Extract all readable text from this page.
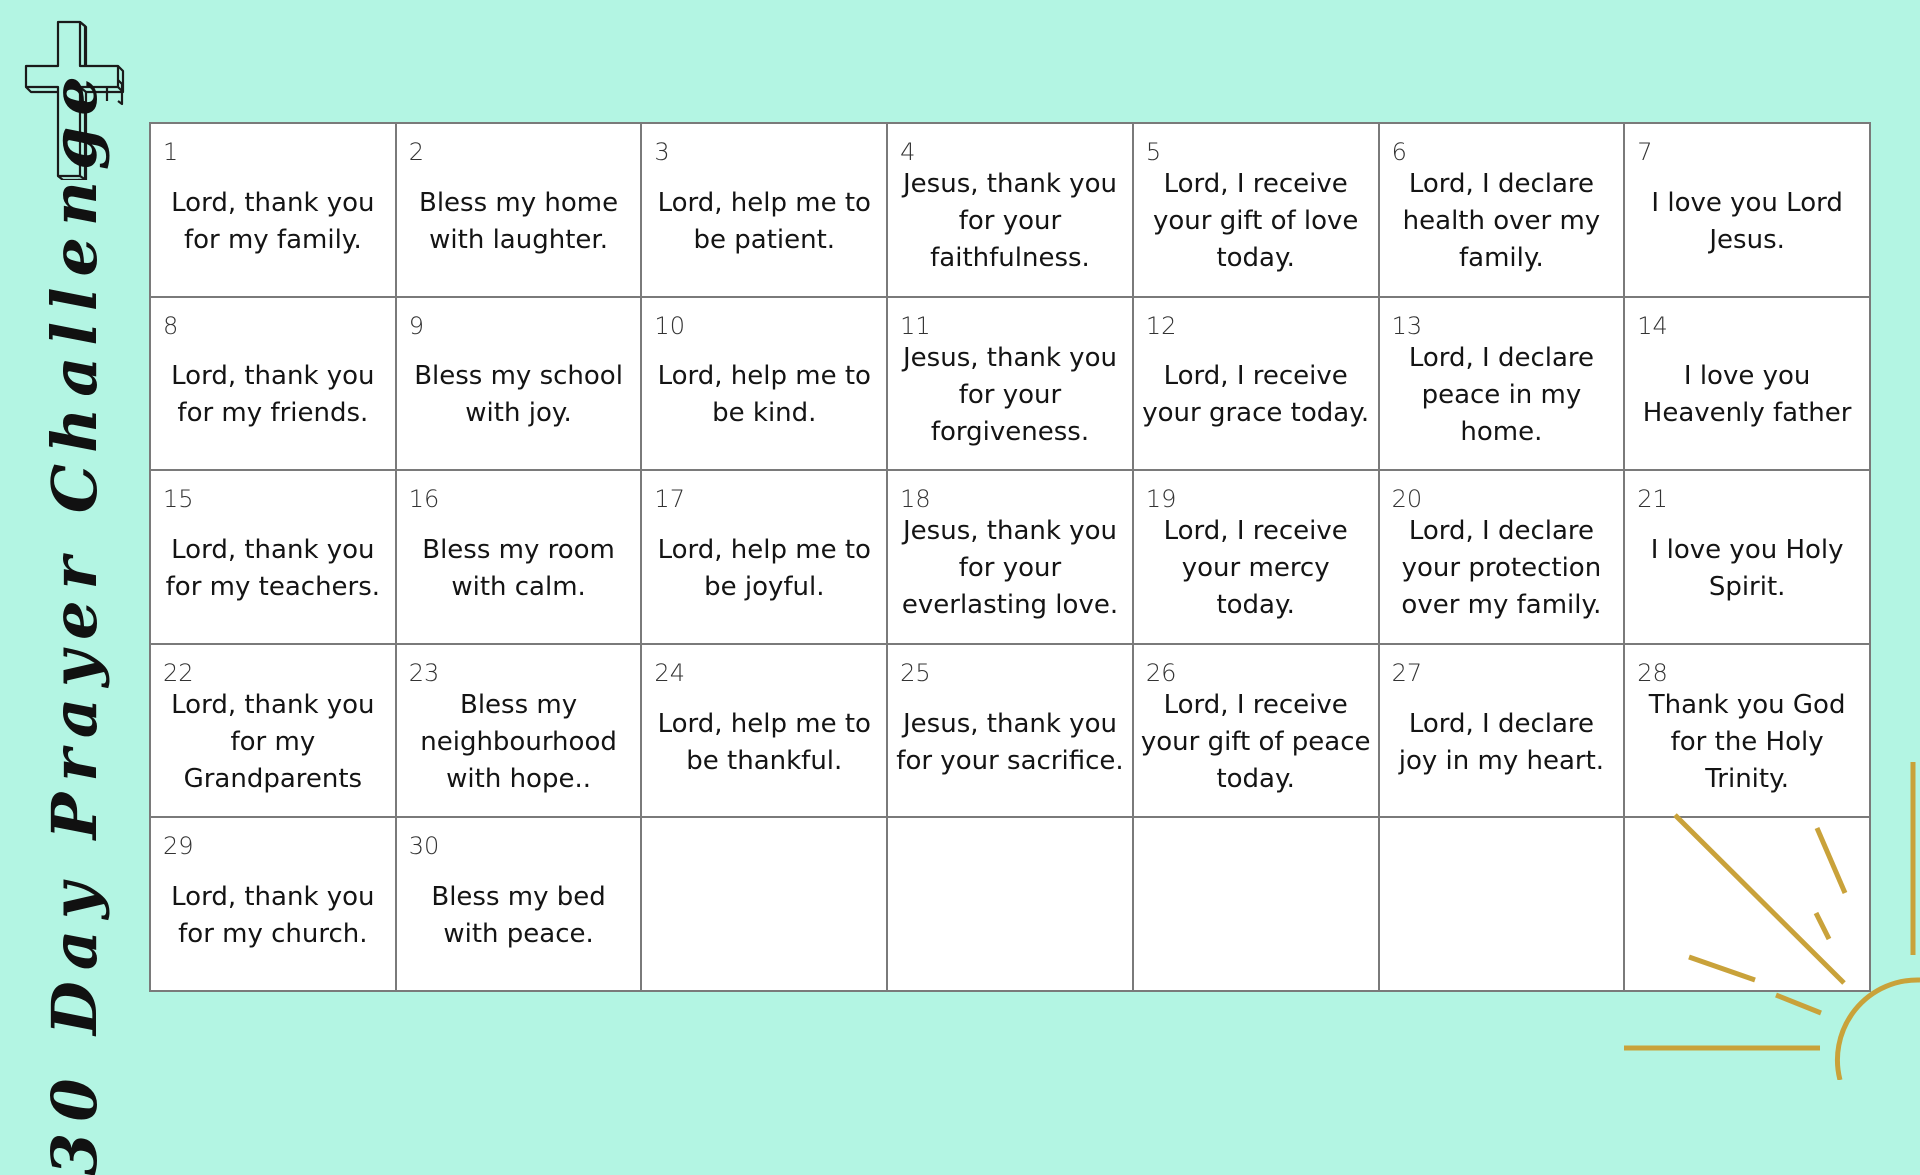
30 Day Prayer Challenge 1
Lord, thank you for my family.
2
Bless my home with laughter.
3
Lord, help me to be patient.
4
Jesus, thank you for your faithfulness.
5
Lord, I receive your gift of love today.
6
Lord, I declare health over my family.
7
I love you Lord Jesus.
8
Lord, thank you for my friends.
9
Bless my school with joy.
10
Lord, help me to be kind.
11
Jesus, thank you for your forgiveness.
12
Lord, I receive your grace today.
13
Lord, I declare peace in my home.
14
I love you Heavenly father
15
Lord, thank you for my teachers.
16
Bless my room with calm.
17
Lord, help me to be joyful.
18
Jesus, thank you for your everlasting love.
19
Lord, I receive your mercy today.
20
Lord, I declare your protection over my family.
21
I love you Holy Spirit.
22
Lord, thank you for my Grandparents
23
Bless my neighbourhood with hope..
24
Lord, help me to be thankful.
25
Jesus, thank you for your sacrifice.
26
Lord, I receive your gift of peace today.
27
Lord, I declare joy in my heart.
28
Thank you God for the Holy Trinity.
29
Lord, thank you for my church.
30
Bless my bed with peace.
